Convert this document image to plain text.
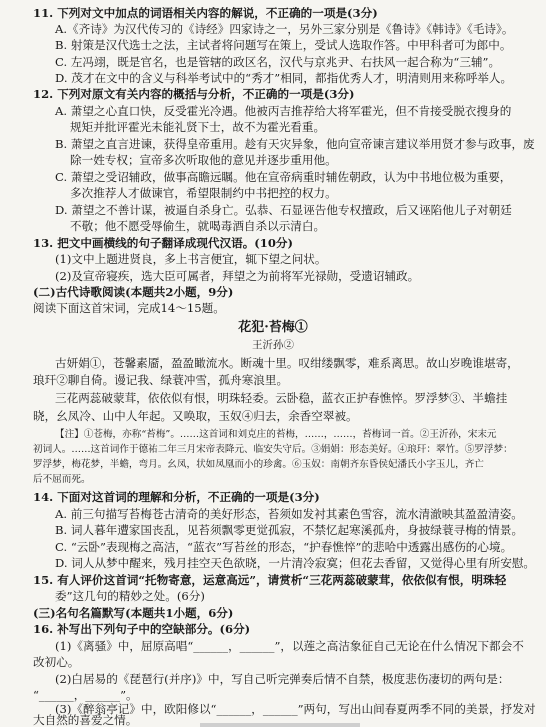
11. 下列对文中加点的词语相关内容的解说，不正确的一项是(3分)
A.《齐诗》为汉代传习的《诗经》四家诗之一，另外三家分别是《鲁诗》《韩诗》《毛诗》。
B. 射策是汉代选士之法，主试者将问题写在策上，受试人选取作答。中甲科者可为郎中。
C. 左冯翊，既是官名，也是管辖的政区名，汉代与京兆尹、右扶风一起合称为“三辅”。
D. 茂才在文中的含义与科举考试中的“秀才”相同，都指优秀人才，明清则用来称呼举人。
12. 下列对原文有关内容的概括与分析，不正确的一项是(3分)
A. 萧望之心直口快，反受霍光冷遇。他被丙吉推荐给大将军霍光，但不肯接受脱衣搜身的
规矩并批评霍光未能礼贤下士，故不为霍光看重。
B. 萧望之直言进谏，获得皇帝重用。趁有天灾异象，他向宣帝谏言建议举用贤才参与政事，废
除一姓专权；宣帝多次听取他的意见并逐步重用他。
C. 萧望之受诏辅政，做事高瞻远瞩。他在宣帝病重时辅佐朝政，认为中书地位极为重要，
多次推荐人才做谏官，希望限制约中书把控的权力。
D. 萧望之不善计谋，被逼自杀身亡。弘恭、石显诬告他专权擅政，后又诬陷他儿子对朝廷
不敬；他不愿受辱偷生，就喝毒酒自杀以示清白。
13. 把文中画横线的句子翻译成现代汉语。(10分)
(1)文中上题进贤良，多上书言便宜，辄下望之问状。
(2)及宣帝寝疾，选大臣可属者，拜望之为前将军光禄勋，受遗诏辅政。
(二)古代诗歌阅读(本题共2小题，9分)
阅读下面这首宋词，完成14～15题。
花犯·苔梅①
王沂孙②
古妍娟①，苍馨素靥，盈盈瞰流水。断魂十里。叹绀缕飘零，难系离思。故山岁晚谁堪寄，
琅玕②聊自倚。谩记我、绿蓑冲雪，孤舟寒浪里。
三花两蕊破蒙茸，依依似有恨，明珠轻委。云卧稳，蓝衣正护春憔悴。罗浮梦③、半蟾挂
晓，幺凤冷、山中人年起。又唤取，玉奴④归去，余香空翠被。
【注】①苍梅，亦称“苔梅”。……这首词和刘克庄的苔梅，……，……，苔梅词一首。②王沂孙，宋末元
初词人。……这首词作于德祐二年三月宋帝表降元、临安失守后。③娟娟：形态美好。④琅玕：翠竹。⑤罗浮梦：
罗浮梦，梅花梦，半蟾，弯月。幺凤，状如凤凰而小的珍禽。⑥玉奴：南朝齐东昏侯妃潘氏小字玉儿，齐亡
后不屈而死。
14. 下面对这首词的理解和分析，不正确的一项是(3分)
A. 前三句描写苔梅苍古清奇的美好形态，苔须如发衬其素色雪容，流水清澈映其盈盈清姿。
B. 词人暮年遭家国丧乱，见苔须飘零更觉孤寂，不禁忆起寒溪孤舟，身披绿蓑寻梅的情景。
C. “云卧”表现梅之高洁，“蓝衣”写苔丝的形态，“护春憔悴”的悲哈中透露出感伤的心境。
D. 词人从梦中醒来，残月挂空天色欲晓，一片清冷寂寞；但花去香留，又觉得心里有所安慰。
15. 有人评价这首词“托物寄意，运意高远”，请赏析“三花两蕊破蒙茸，依依似有恨，明珠轻
委”这几句的精妙之处。(6分)
(三)名句名篇默写(本题共1小题，6分)
16. 补写出下列句子中的空缺部分。(6分)
(1)《离骚》中，屈原高唱“______，______”，以莲之高洁象征自己无论在什么情况下都会不
改初心。
(2)白居易的《琵琶行(并序)》中，写自己听完弹奏后情不自禁，极度悲伤凄切的两句是：
“______，______”。
(3)《醉翁亭记》中，欧阳修以“______，______”两句，写出山间春夏两季不同的美景，抒发对
大自然的喜爱之情。
